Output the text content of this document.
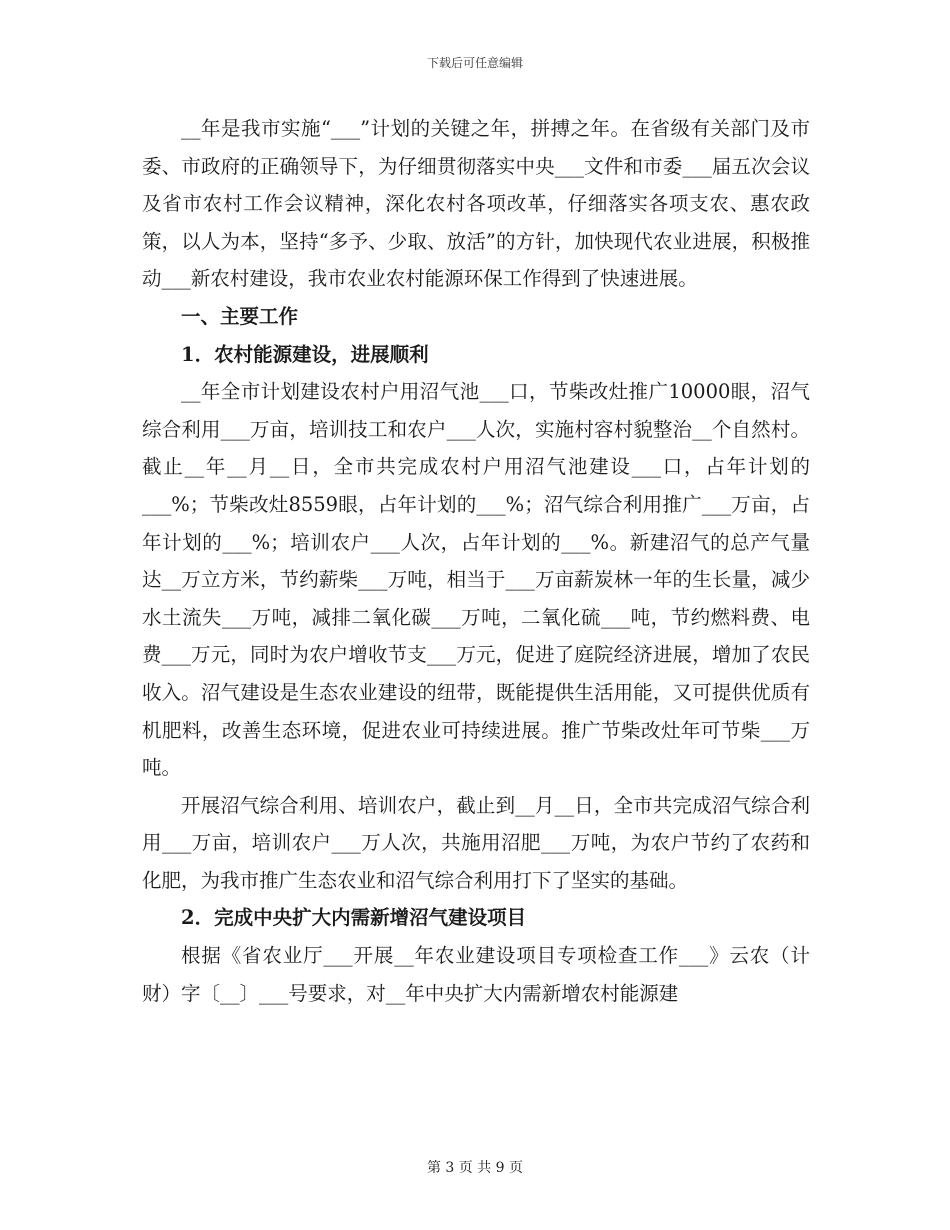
下载后可任意编辑

__年是我市实施“___”计划的关键之年，拼搏之年。在省级有关部门及市委、市政府的正确领导下，为仔细贯彻落实中央___文件和市委___届五次会议及省市农村工作会议精神，深化农村各项改革，仔细落实各项支农、惠农政策，以人为本，坚持“多予、少取、放活”的方针，加快现代农业进展，积极推动___新农村建设，我市农业农村能源环保工作得到了快速进展。

一、主要工作

1．农村能源建设，进展顺利

__年全市计划建设农村户用沼气池___口，节柴改灶推广10000眼，沼气综合利用___万亩，培训技工和农户___人次，实施村容村貌整治__个自然村。截止__年__月__日，全市共完成农村户用沼气池建设___口，占年计划的___%；节柴改灶8559眼，占年计划的___%；沼气综合利用推广___万亩，占年计划的___%；培训农户___人次，占年计划的___%。新建沼气的总产气量达__万立方米，节约薪柴___万吨，相当于___万亩薪炭林一年的生长量，减少水土流失___万吨，减排二氧化碳___万吨，二氧化硫___吨，节约燃料费、电费___万元，同时为农户增收节支___万元，促进了庭院经济进展，增加了农民收入。沼气建设是生态农业建设的纽带，既能提供生活用能，又可提供优质有机肥料，改善生态环境，促进农业可持续进展。推广节柴改灶年可节柴___万吨。

开展沼气综合利用、培训农户，截止到__月__日，全市共完成沼气综合利用___万亩，培训农户___万人次，共施用沼肥___万吨，为农户节约了农药和化肥，为我市推广生态农业和沼气综合利用打下了坚实的基础。

2．完成中央扩大内需新增沼气建设项目

根据《省农业厅___开展__年农业建设项目专项检查工作___》云农（计财）字〔__〕___号要求，对__年中央扩大内需新增农村能源建

第 3 页 共 9 页
